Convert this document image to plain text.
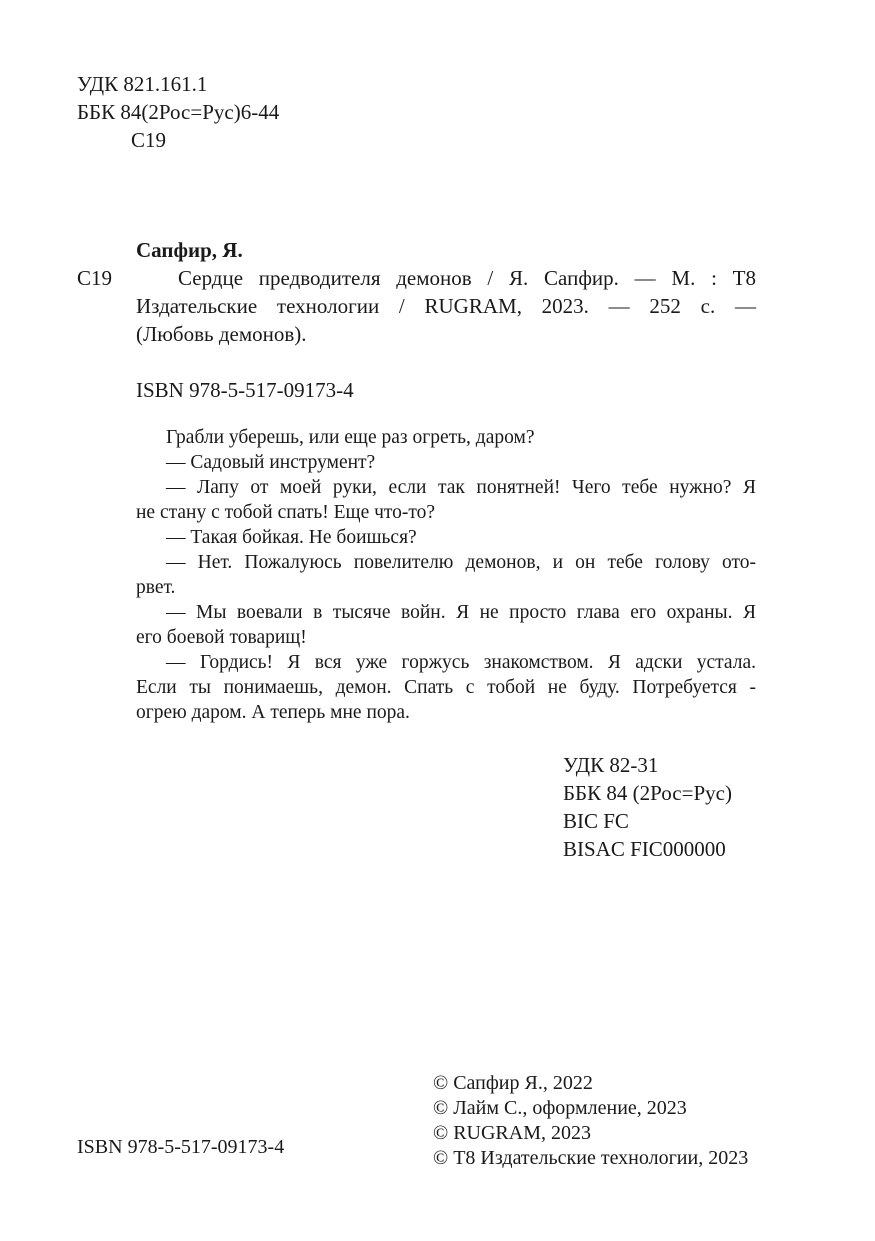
УДК 821.161.1
ББК 84(2Рос=Рус)6-44
С19
Сапфир, Я.
С19	Сердце предводителя демонов / Я. Сапфир. — М. : Т8
Издательские технологии / RUGRAM, 2023. — 252 с. —
(Любовь демонов).
ISBN 978-5-517-09173-4
Грабли уберешь, или еще раз огреть, даром?
— Садовый инструмент?
— Лапу от моей руки, если так понятней! Чего тебе нужно? Я
не стану с тобой спать! Еще что-то?
— Такая бойкая. Не боишься?
— Нет. Пожалуюсь повелителю демонов, и он тебе голову ото-
рвет.
— Мы воевали в тысяче войн. Я не просто глава его охраны. Я
его боевой товарищ!
— Гордись! Я вся уже горжусь знакомством. Я адски устала.
Если ты понимаешь, демон. Спать с тобой не буду. Потребуется -
огрею даром. А теперь мне пора.
УДК 82-31
ББК 84 (2Рос=Рус)
BIC FC
BISAC FIC000000
ISBN 978-5-517-09173-4
© Сапфир Я., 2022
© Лайм С., оформление, 2023
© RUGRAM, 2023
© Т8 Издательские технологии, 2023
